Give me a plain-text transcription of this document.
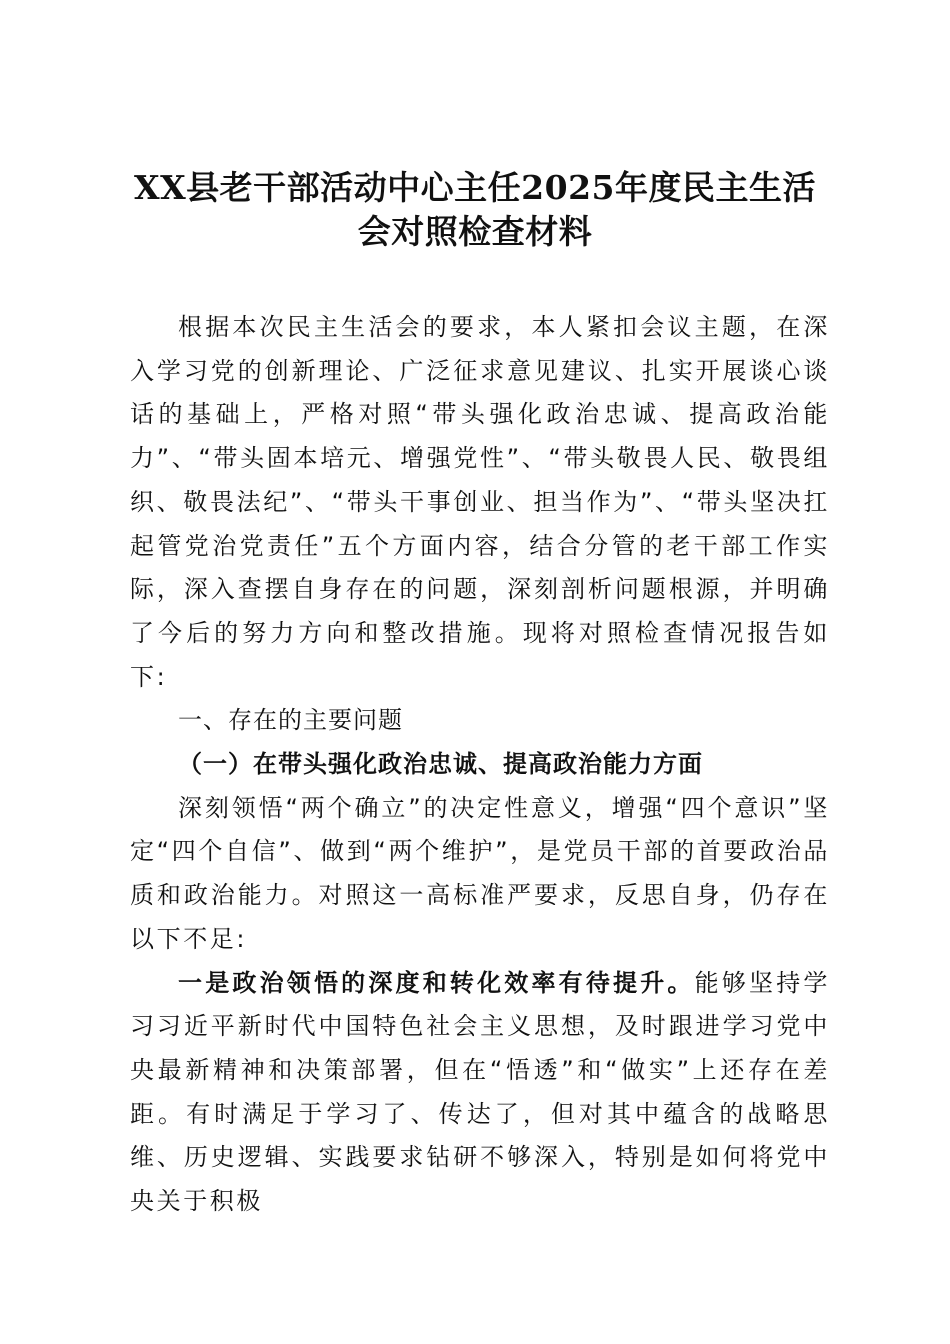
XX县老干部活动中心主任2025年度民主生活
会对照检查材料

根据本次民主生活会的要求，本人紧扣会议主题，在深入学习党的创新理论、广泛征求意见建议、扎实开展谈心谈话的基础上，严格对照“带头强化政治忠诚、提高政治能力”、“带头固本培元、增强党性”、“带头敬畏人民、敬畏组织、敬畏法纪”、“带头干事创业、担当作为”、“带头坚决扛起管党治党责任”五个方面内容，结合分管的老干部工作实际，深入查摆自身存在的问题，深刻剖析问题根源，并明确了今后的努力方向和整改措施。现将对照检查情况报告如下:

一、存在的主要问题

（一）在带头强化政治忠诚、提高政治能力方面

深刻领悟“两个确立”的决定性意义，增强“四个意识”坚定“四个自信”、做到“两个维护”，是党员干部的首要政治品质和政治能力。对照这一高标准严要求，反思自身，仍存在以下不足:

一是政治领悟的深度和转化效率有待提升。能够坚持学习习近平新时代中国特色社会主义思想，及时跟进学习党中央最新精神和决策部署，但在“悟透”和“做实”上还存在差距。有时满足于学习了、传达了，但对其中蕴含的战略思维、历史逻辑、实践要求钻研不够深入，特别是如何将党中央关于积极
